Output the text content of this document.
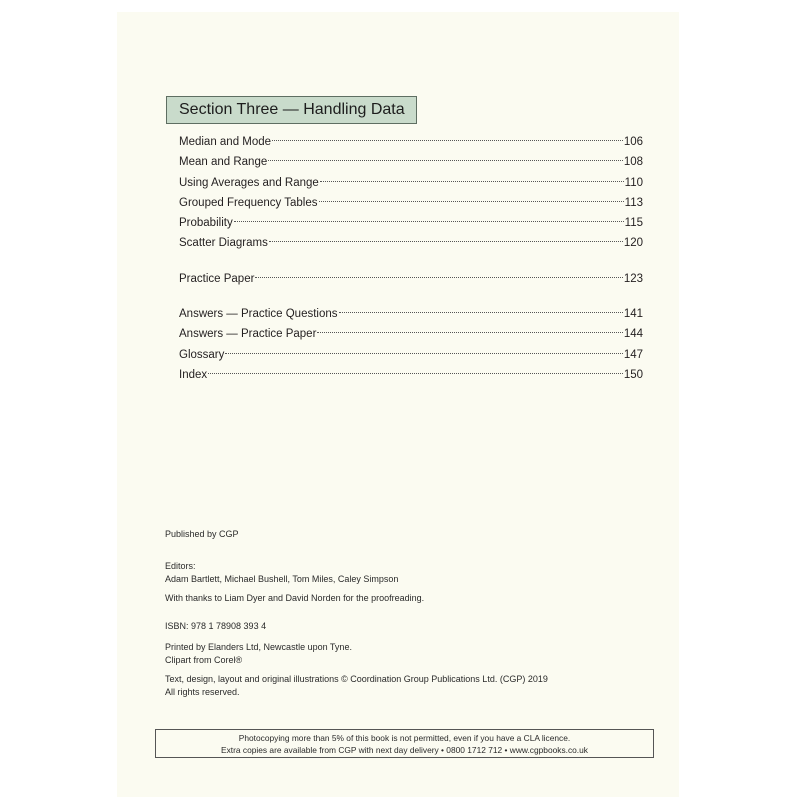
Section Three — Handling Data
Median and Mode	106
Mean and Range	108
Using Averages and Range	110
Grouped Frequency Tables	113
Probability	115
Scatter Diagrams	120
Practice Paper	123
Answers — Practice Questions	141
Answers — Practice Paper	144
Glossary	147
Index	150

Published by CGP

Editors:

Adam Bartlett, Michael Bushell, Tom Miles, Caley Simpson

With thanks to Liam Dyer and David Norden for the proofreading.

ISBN: 978 1 78908 393 4

Printed by Elanders Ltd, Newcastle upon Tyne.

Clipart from Corel®

Text, design, layout and original illustrations © Coordination Group Publications Ltd. (CGP) 2019

All rights reserved.

Photocopying more than 5% of this book is not permitted, even if you have a CLA licence.

Extra copies are available from CGP with next day delivery • 0800 1712 712 • www.cgpbooks.co.uk
